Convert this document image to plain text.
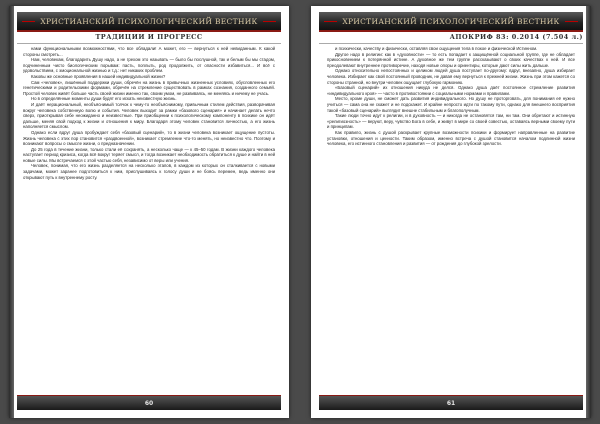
ХРИСТИАНСКИЙ ПСИХОЛОГИЧЕСКИЙ ВЕСТНИК
ТРАДИЦИИ И ПРОГРЕСС

нами функциональными возможностями, что все обладали! А может, его — вернуться к ней невиданным. К какой стороны смотреть...

Нам, человекам, благодарить Душу надо, а не грехом это называть — было бы послушной, так и белым бы мы стадом, подчиненным чисто биологическим порывам: пасть, поплыть, род продолжить, от опасности избавиться... И всё с удовольствием, с эмоциональной жизнью и т.д.: нет никаких проблем.

Каковы же основные проявления в нашей индивидуальной жизни?

Сам «человек», лишённый поддержки души, обречён на жизнь в привычных жизненных условиях, обусловленных его генетическими и родительскими формами, обречён на стремление существовать в рамках сознания, созданного семьёй. Простой человек живёт больше часть своей жизни именно так, своим умом, не развиваясь, не меняясь и ничему не учась.

Но в определённые моменты души будят его искать неизвестную жизнь.

И даёт нерациональный, необъяснимый толчок к чему-то необъяснимому, привычным стилем действия, разворачивая вокруг человека собственную волю и события. Человек выходит за рамки «базового сценария» и начинает делать нечто сверх, приоткрывая себе неожиданно и неизвестные. При приобщении к психологическому компоненту в психике он идёт дальше, меняя свой подход к жизни и отношения к миру. Благодаря этому человек становится личностью, а его жизнь наполняется смыслом.

Однако если вдруг душа пробуждает себя «базовый сценарий», то в жизни человека возникает ощущение пустоты. Жизнь человека с этих пор становится «раздвоенной», возникает стремление что-то менять, но неизвестно что. Поэтому и возникают вопросы о смысле жизни, о предназначении.

До 25 года в течение жизни, только стали её сохранять, а несколько чаще — к 45–50 годам. В жизни каждого человека наступает период кризиса, когда всё вокруг теряет смысл, и тогда возникает необходимость обратиться к душе и найти в ней новые силы. Мы встречаемся с этой частью себя, независимо от веры или учения.

Человек, понимая, что его жизнь разделяется на несколько этапов, в каждом из которых он сталкивается с новыми задачами, может заранее подготовиться к ним, прислушиваясь к голосу души и не боясь перемен, ведь именно они открывают путь к внутреннему росту.

60
ХРИСТИАНСКИЙ ПСИХОЛОГИЧЕСКИЙ ВЕСТНИК
АПОКРИФ 83: 0.2014 (7.504 л.)

и психически, качеству и физически, оставляя свои ощущения тела в покое и физической Истинном.

Другое надо в религии: как в «духовности» — то есть попадает к защищённой социальной группе, где не обладает прикосновением к потерянной истине. А духовное же тем группе рассказывают о своих качествах к ней. И все преодолевают внутреннее противоречие, находя новые опоры и ориентиры, которые дают силы жить дальше.

Однако относительно непостоянных и целиком людей душа поступает по-другому: вдруг, внезапно, душа избирает человека. Избирает как свой постоянный проводник, не давая ему вернуться к прежней жизни. Жизнь при этом кажется со стороны странной, но внутри человек ощущает глубокую гармонию.

«Базовый сценарий» их отношения никуда не делся. Однако душа даёт постоянное стремление развития «индивидуального кроя» — часто в противостоянии с социальными нормами и правилами.

Место, кроме души, не сможет дать развития индивидуального. Но душу не проторговать, для понимания её нужно учиться — сама она не скажет и не подскажет. И крайне непросто идти по такому пути, однако для внешнего восприятия такой «базовый сценарий» выглядит внешне стабильным и благополучным.

Такие люди точно идут к религии, и в духовность — и никогда не остановятся там, ни там. Они обретают и истинную «религиозность» — веруют, веру, чувство Бога в себе, и живут в мире со своей совестью, оставаясь верными своему пути и принципам.

Как правило, жизнь с душой раскрывает крупные возможности психики и формирует направленные на развитие установки, отношения и ценности. Таким образом, именно встреча с душой становится началом подлинной жизни человека, его истинного становления и развития — от рождения до глубокой зрелости.

61
